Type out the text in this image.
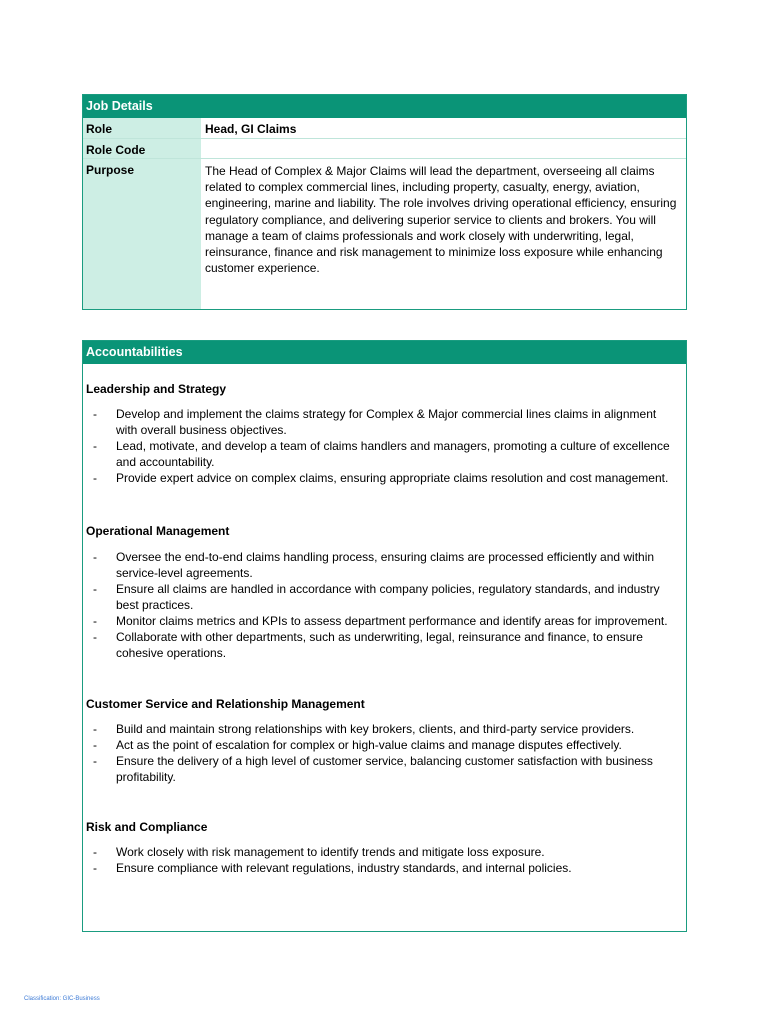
Job Details
Role	Head, GI Claims
Role Code
Purpose	The Head of Complex & Major Claims will lead the department, overseeing all claims related to complex commercial lines, including property, casualty, energy, aviation, engineering, marine and liability. The role involves driving operational efficiency, ensuring regulatory compliance, and delivering superior service to clients and brokers. You will manage a team of claims professionals and work closely with underwriting, legal, reinsurance, finance and risk management to minimize loss exposure while enhancing customer experience.
Accountabilities

Leadership and Strategy

- Develop and implement the claims strategy for Complex & Major commercial lines claims in alignment with overall business objectives.
- Lead, motivate, and develop a team of claims handlers and managers, promoting a culture of excellence and accountability.
- Provide expert advice on complex claims, ensuring appropriate claims resolution and cost management.

Operational Management

- Oversee the end-to-end claims handling process, ensuring claims are processed efficiently and within service-level agreements.
- Ensure all claims are handled in accordance with company policies, regulatory standards, and industry best practices.
- Monitor claims metrics and KPIs to assess department performance and identify areas for improvement.
- Collaborate with other departments, such as underwriting, legal, reinsurance and finance, to ensure cohesive operations.

Customer Service and Relationship Management

- Build and maintain strong relationships with key brokers, clients, and third-party service providers.
- Act as the point of escalation for complex or high-value claims and manage disputes effectively.
- Ensure the delivery of a high level of customer service, balancing customer satisfaction with business profitability.

Risk and Compliance

- Work closely with risk management to identify trends and mitigate loss exposure.
- Ensure compliance with relevant regulations, industry standards, and internal policies.
Classification: GIC-Business
